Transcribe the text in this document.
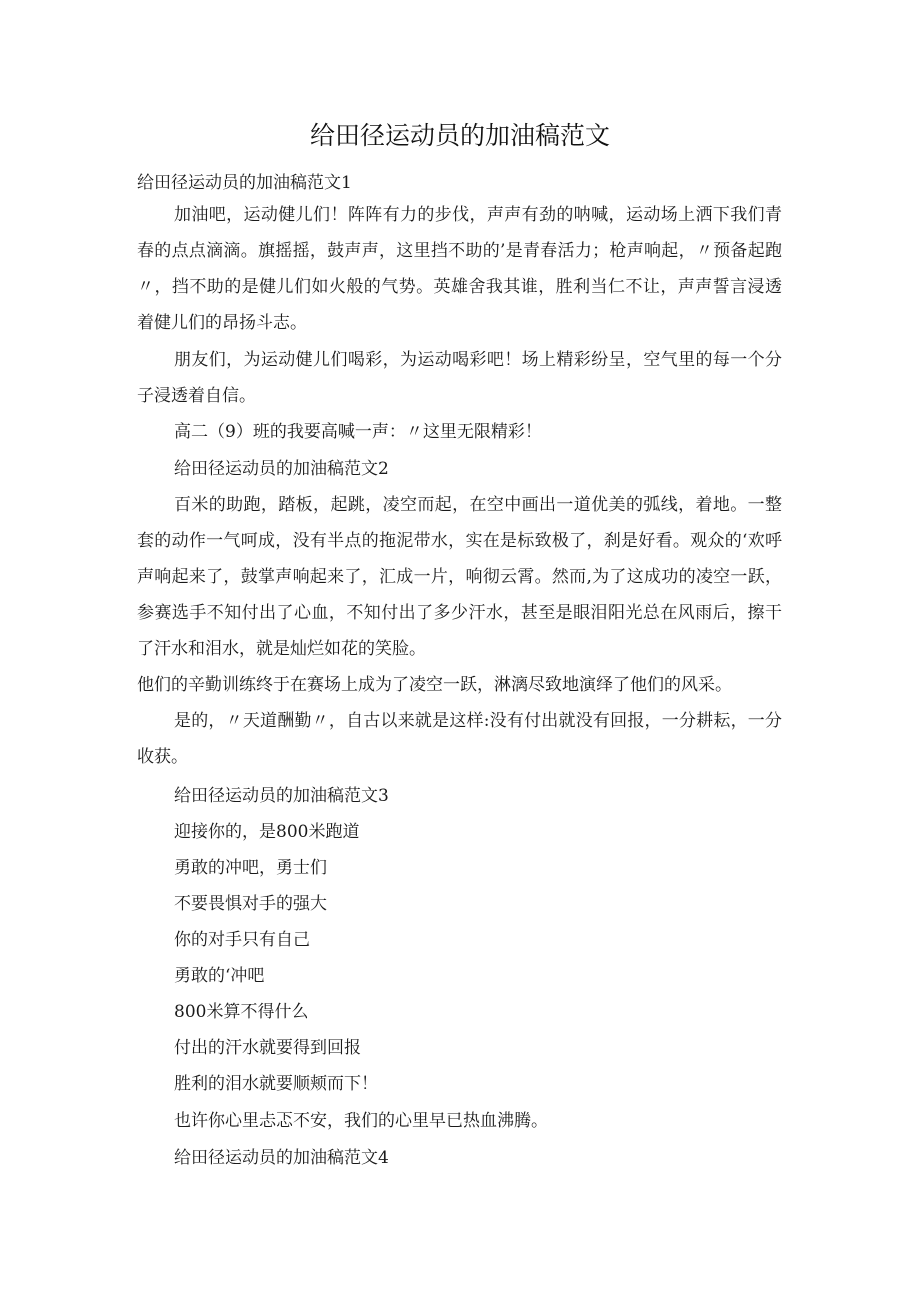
给田径运动员的加油稿范文

给田径运动员的加油稿范文1

加油吧，运动健儿们！阵阵有力的步伐，声声有劲的呐喊，运动场上洒下我们青春的点点滴滴。旗摇摇，鼓声声，这里挡不助的’是青春活力；枪声响起，〃预备起跑〃，挡不助的是健儿们如火般的气势。英雄舍我其谁，胜利当仁不让，声声誓言浸透着健儿们的昂扬斗志。

朋友们，为运动健儿们喝彩，为运动喝彩吧！场上精彩纷呈，空气里的每一个分子浸透着自信。

高二（9）班的我要高喊一声：〃这里无限精彩！

给田径运动员的加油稿范文2

百米的助跑，踏板，起跳，凌空而起，在空中画出一道优美的弧线，着地。一整套的动作一气呵成，没有半点的拖泥带水，实在是标致极了，刹是好看。观众的‘欢呼声响起来了，鼓掌声响起来了，汇成一片，响彻云霄。然而,为了这成功的凌空一跃，参赛选手不知付出了心血，不知付出了多少汗水，甚至是眼泪阳光总在风雨后，擦干了汗水和泪水，就是灿烂如花的笑脸。

他们的辛勤训练终于在赛场上成为了凌空一跃，淋漓尽致地演绎了他们的风采。

是的，〃天道酬勤〃，自古以来就是这样:没有付出就没有回报，一分耕耘，一分收获。

给田径运动员的加油稿范文3

迎接你的，是800米跑道

勇敢的冲吧，勇士们

不要畏惧对手的强大

你的对手只有自己

勇敢的‘冲吧

800米算不得什么

付出的汗水就要得到回报

胜利的泪水就要顺颊而下！

也许你心里忐忑不安，我们的心里早已热血沸腾。

给田径运动员的加油稿范文4
